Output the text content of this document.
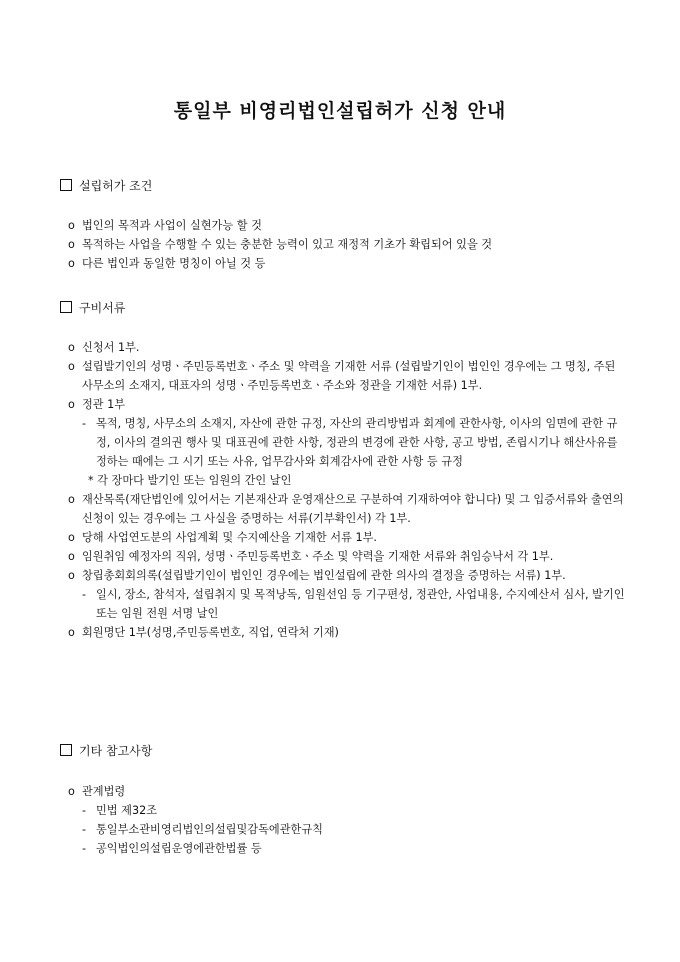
통일부 비영리법인설립허가 신청 안내
설립허가 조건
ο 법인의 목적과 사업이 실현가능 할 것
ο 목적하는 사업을 수행할 수 있는 충분한 능력이 있고 재정적 기초가 확립되어 있을 것
ο 다른 법인과 동일한 명칭이 아닐 것 등
구비서류
ο 신청서 1부.
ο 설립발기인의 성명ㆍ주민등록번호ㆍ주소 및 약력을 기재한 서류 (설립발기인이 법인인 경우에는 그 명칭, 주된 사무소의 소재지, 대표자의 성명ㆍ주민등록번호ㆍ주소와 정관을 기재한 서류) 1부.
ο 정관 1부
- 목적, 명칭, 사무소의 소재지, 자산에 관한 규정, 자산의 관리방법과 회계에 관한사항, 이사의 임면에 관한 규정, 이사의 결의권 행사 및 대표권에 관한 사항, 정관의 변경에 관한 사항, 공고 방법, 존립시기나 해산사유를 정하는 때에는 그 시기 또는 사유, 업무감사와 회계감사에 관한 사항 등 규정
* 각 장마다 발기인 또는 임원의 간인 날인
ο 재산목록(재단법인에 있어서는 기본재산과 운영재산으로 구분하여 기재하여야 합니다) 및 그 입증서류와 출연의 신청이 있는 경우에는 그 사실을 증명하는 서류(기부확인서) 각 1부.
ο 당해 사업연도분의 사업계획 및 수지예산을 기재한 서류 1부.
ο 임원취임 예정자의 직위, 성명ㆍ주민등록번호ㆍ주소 및 약력을 기재한 서류와 취임승낙서 각 1부.
ο 창립총회회의록(설립발기인이 법인인 경우에는 법인설립에 관한 의사의 결정을 증명하는 서류) 1부.
- 일시, 장소, 참석자, 설립취지 및 목적낭독, 임원선임 등 기구편성, 정관안, 사업내용, 수지예산서 심사, 발기인 또는 임원 전원 서명 날인
ο 회원명단 1부(성명,주민등록번호, 직업, 연락처 기재)
기타 참고사항
ο 관계법령
- 민법 제32조
- 통일부소관비영리법인의설립및감독에관한규칙
- 공익법인의설립운영에관한법률 등
